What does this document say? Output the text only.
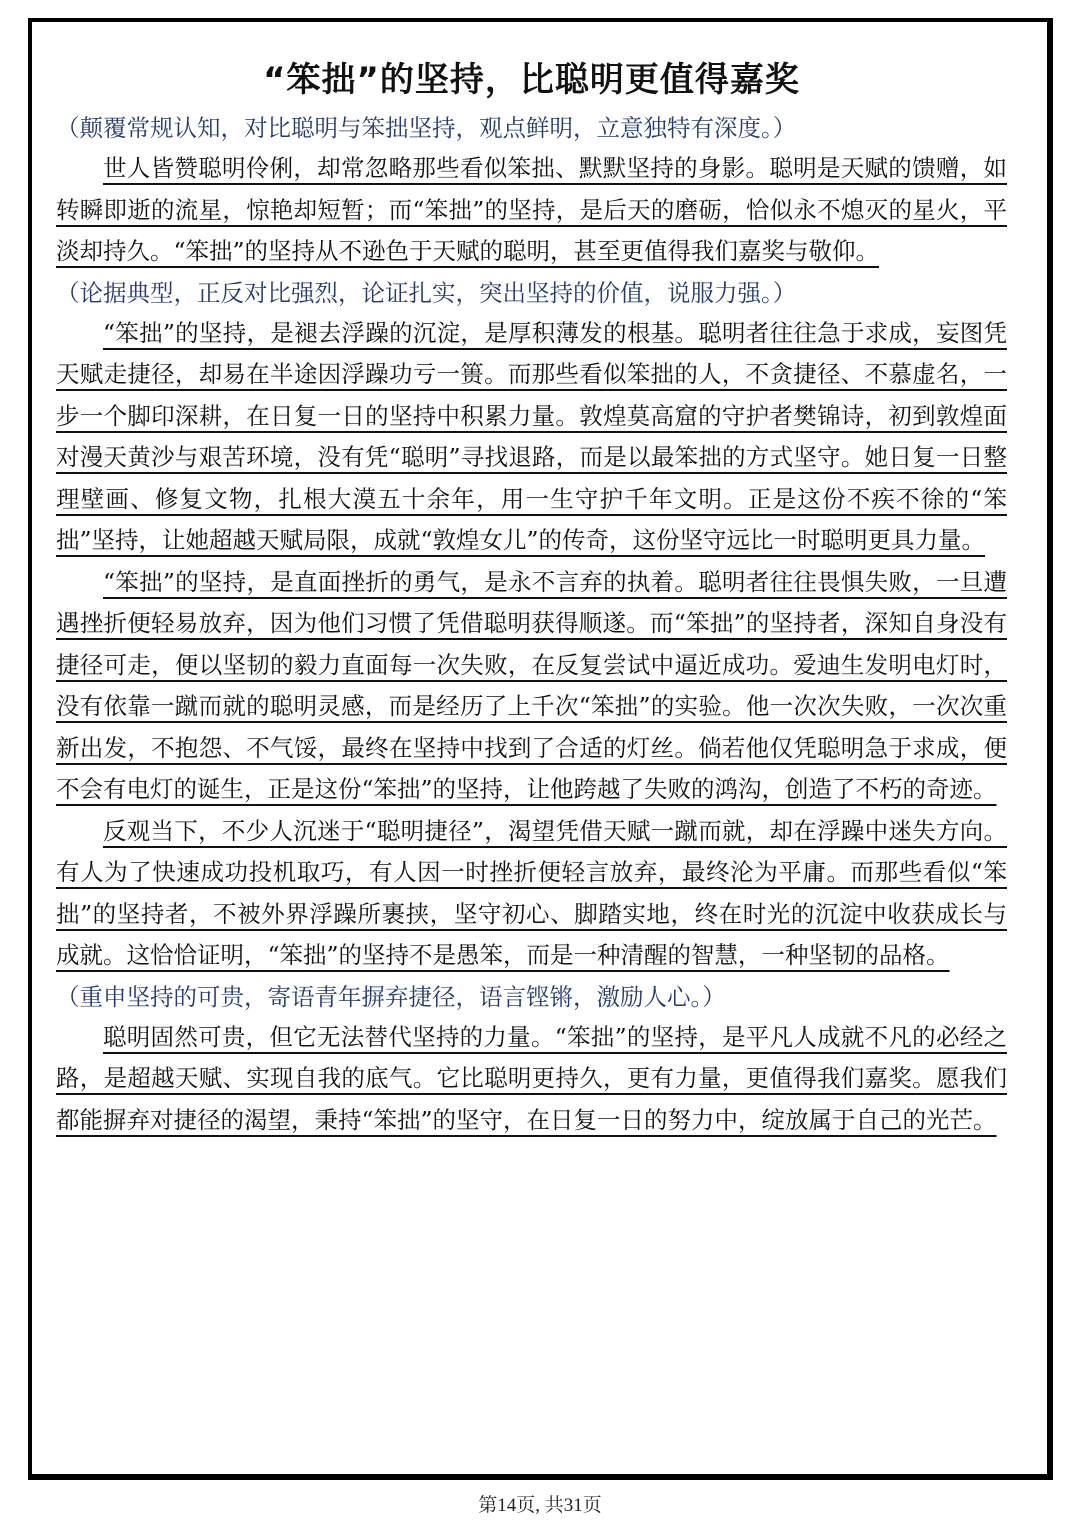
“笨拙”的坚持，比聪明更值得嘉奖

（颠覆常规认知，对比聪明与笨拙坚持，观点鲜明，立意独特有深度。）

世人皆赞聪明伶俐，却常忽略那些看似笨拙、默默坚持的身影。聪明是天赋的馈赠，如转瞬即逝的流星，惊艳却短暂；而“笨拙”的坚持，是后天的磨砺，恰似永不熄灭的星火，平淡却持久。“笨拙”的坚持从不逊色于天赋的聪明，甚至更值得我们嘉奖与敬仰。

（论据典型，正反对比强烈，论证扎实，突出坚持的价值，说服力强。）

“笨拙”的坚持，是褪去浮躁的沉淀，是厚积薄发的根基。聪明者往往急于求成，妄图凭天赋走捷径，却易在半途因浮躁功亏一篑。而那些看似笨拙的人，不贪捷径、不慕虚名，一步一个脚印深耕，在日复一日的坚持中积累力量。敦煌莫高窟的守护者樊锦诗，初到敦煌面对漫天黄沙与艰苦环境，没有凭“聪明”寻找退路，而是以最笨拙的方式坚守。她日复一日整理壁画、修复文物，扎根大漠五十余年，用一生守护千年文明。正是这份不疾不徐的“笨拙”坚持，让她超越天赋局限，成就“敦煌女儿”的传奇，这份坚守远比一时聪明更具力量。

“笨拙”的坚持，是直面挫折的勇气，是永不言弃的执着。聪明者往往畏惧失败，一旦遭遇挫折便轻易放弃，因为他们习惯了凭借聪明获得顺遂。而“笨拙”的坚持者，深知自身没有捷径可走，便以坚韧的毅力直面每一次失败，在反复尝试中逼近成功。爱迪生发明电灯时，没有依靠一蹴而就的聪明灵感，而是经历了上千次“笨拙”的实验。他一次次失败，一次次重新出发，不抱怨、不气馁，最终在坚持中找到了合适的灯丝。倘若他仅凭聪明急于求成，便不会有电灯的诞生，正是这份“笨拙”的坚持，让他跨越了失败的鸿沟，创造了不朽的奇迹。

反观当下，不少人沉迷于“聪明捷径”，渴望凭借天赋一蹴而就，却在浮躁中迷失方向。有人为了快速成功投机取巧，有人因一时挫折便轻言放弃，最终沦为平庸。而那些看似“笨拙”的坚持者，不被外界浮躁所裹挟，坚守初心、脚踏实地，终在时光的沉淀中收获成长与成就。这恰恰证明，“笨拙”的坚持不是愚笨，而是一种清醒的智慧，一种坚韧的品格。

（重申坚持的可贵，寄语青年摒弃捷径，语言铿锵，激励人心。）

聪明固然可贵，但它无法替代坚持的力量。“笨拙”的坚持，是平凡人成就不凡的必经之路，是超越天赋、实现自我的底气。它比聪明更持久，更有力量，更值得我们嘉奖。愿我们都能摒弃对捷径的渴望，秉持“笨拙”的坚守，在日复一日的努力中，绽放属于自己的光芒。

第14页, 共31页
